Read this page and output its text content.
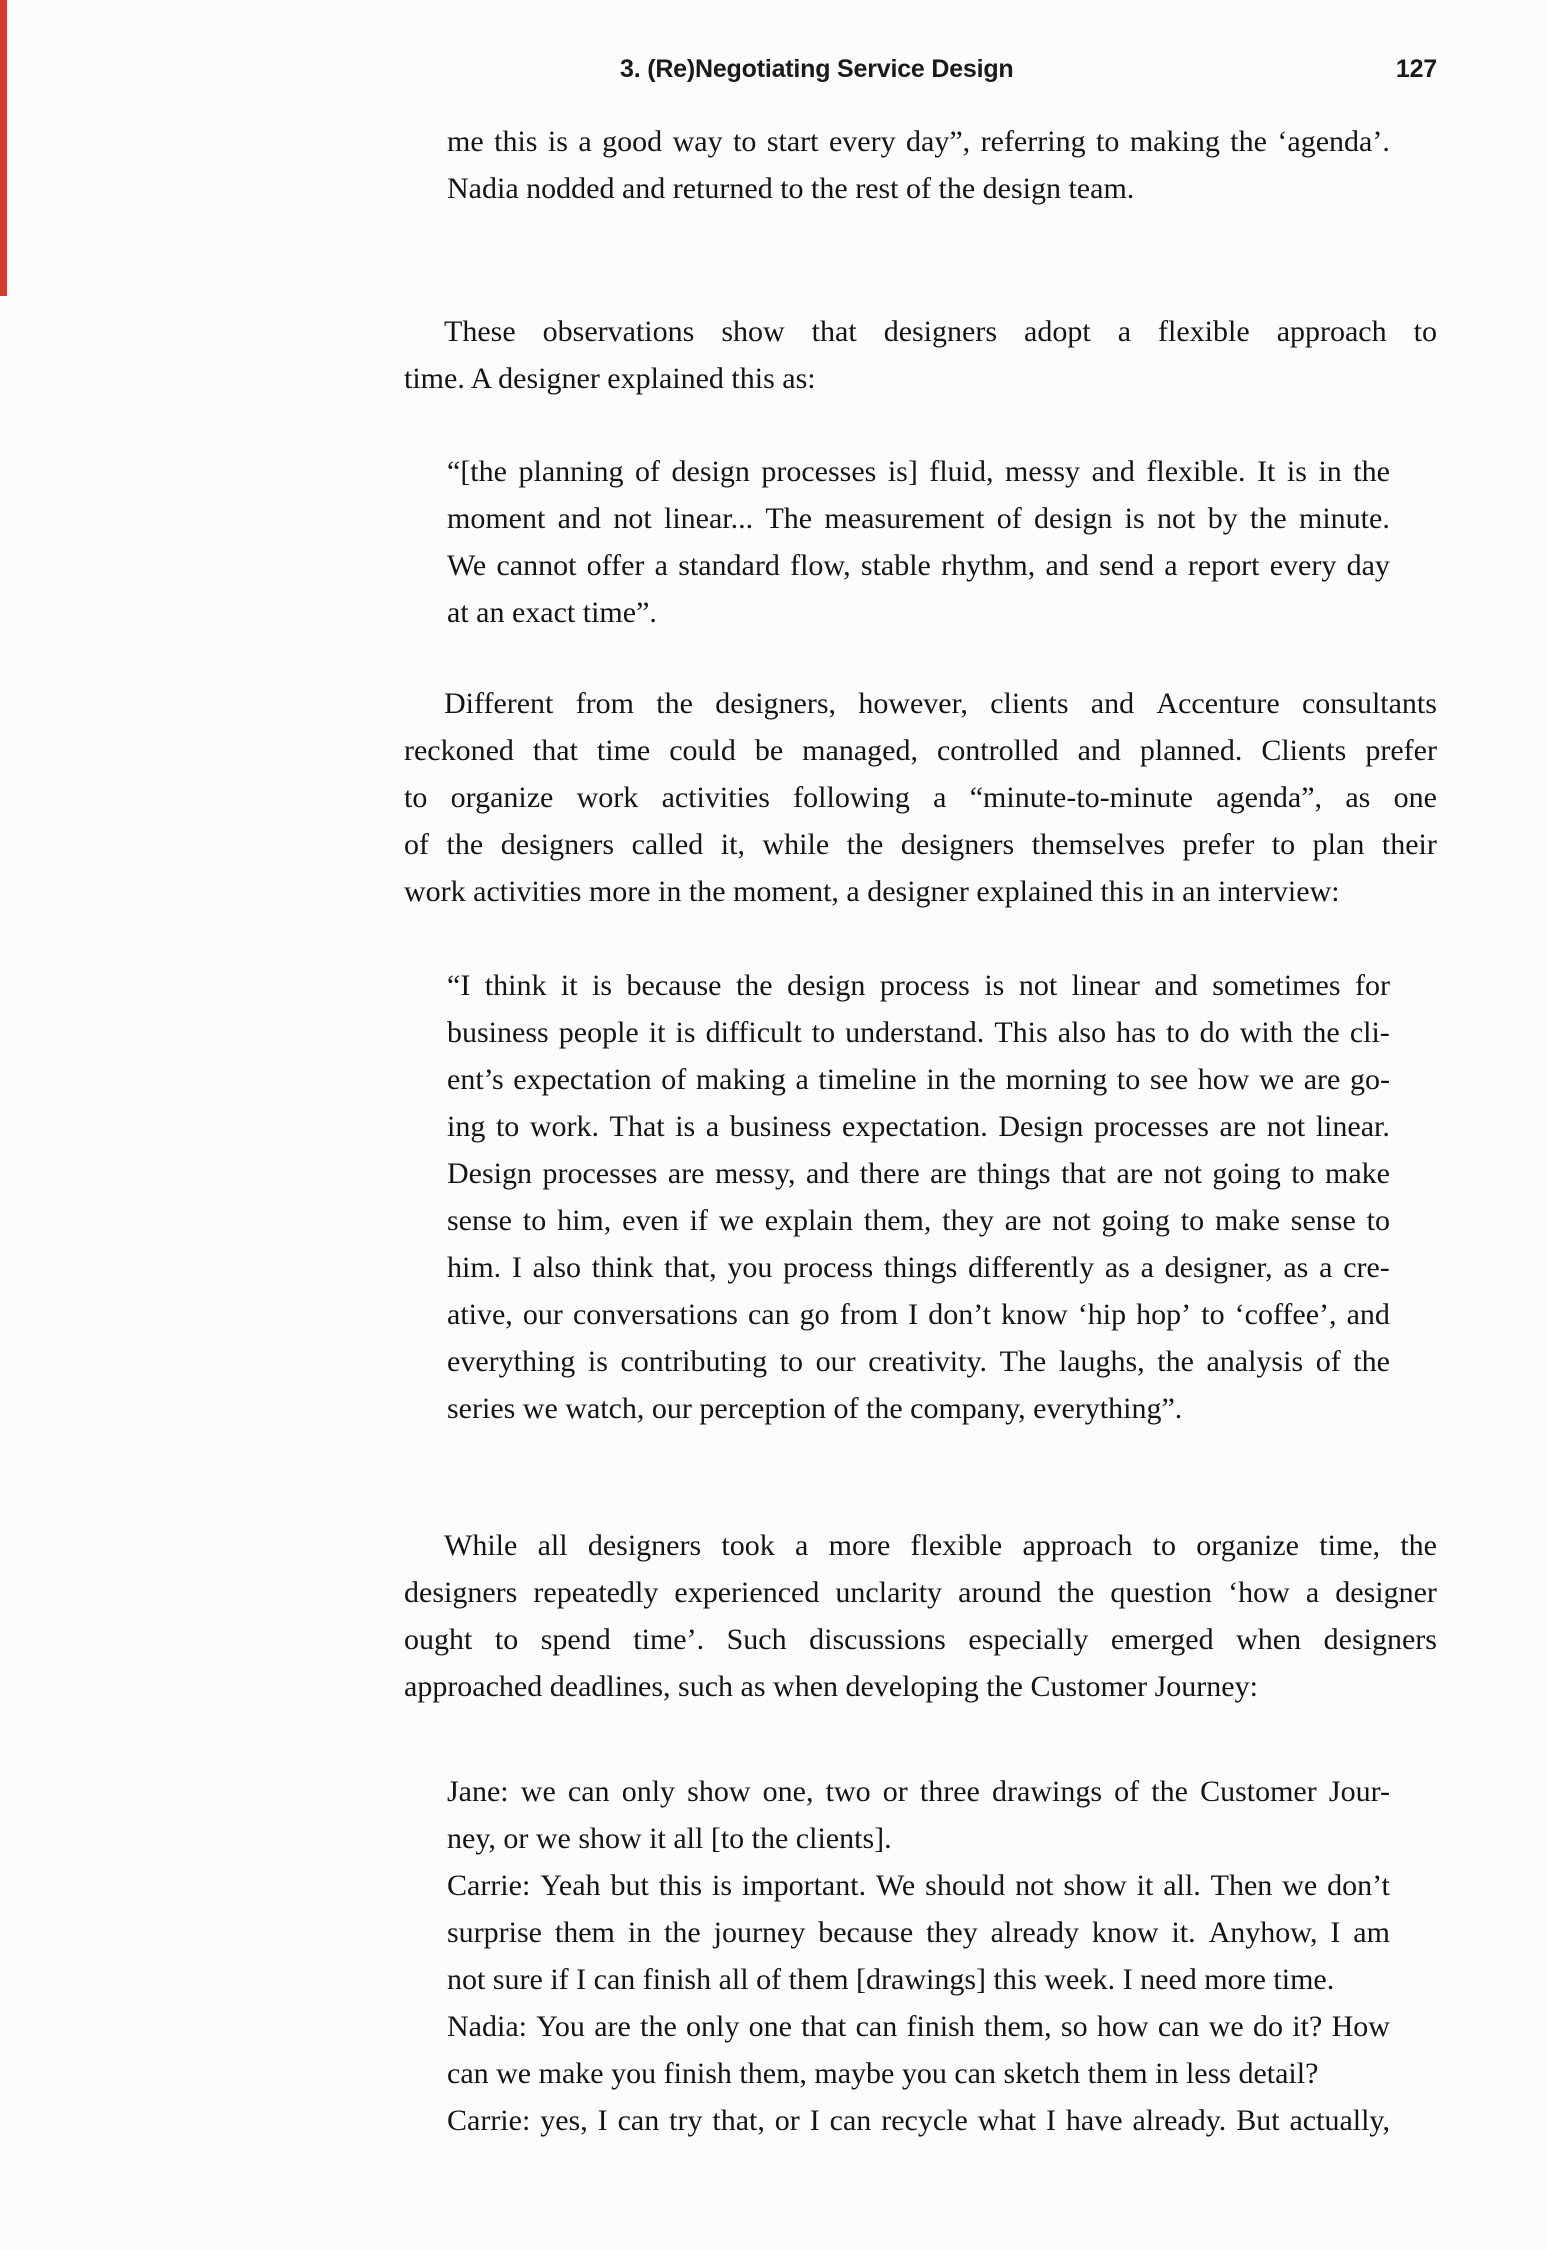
3. (Re)Negotiating Service Design	127
me this is a good way to start every day”, referring to making the ‘agenda’.
Nadia nodded and returned to the rest of the design team.
These observations show that designers adopt a flexible approach to
time. A designer explained this as:
“[the planning of design processes is] fluid, messy and flexible. It is in the
moment and not linear... The measurement of design is not by the minute.
We cannot offer a standard flow, stable rhythm, and send a report every day
at an exact time”.
Different from the designers, however, clients and Accenture consultants
reckoned that time could be managed, controlled and planned. Clients prefer
to organize work activities following a “minute-to-minute agenda”, as one
of the designers called it, while the designers themselves prefer to plan their
work activities more in the moment, a designer explained this in an interview:
“I think it is because the design process is not linear and sometimes for
business people it is difficult to understand. This also has to do with the cli-
ent’s expectation of making a timeline in the morning to see how we are go-
ing to work. That is a business expectation. Design processes are not linear.
Design processes are messy, and there are things that are not going to make
sense to him, even if we explain them, they are not going to make sense to
him. I also think that, you process things differently as a designer, as a cre-
ative, our conversations can go from I don’t know ‘hip hop’ to ‘coffee’, and
everything is contributing to our creativity. The laughs, the analysis of the
series we watch, our perception of the company, everything”.
While all designers took a more flexible approach to organize time, the
designers repeatedly experienced unclarity around the question ‘how a designer
ought to spend time’. Such discussions especially emerged when designers
approached deadlines, such as when developing the Customer Journey:
Jane: we can only show one, two or three drawings of the Customer Jour-
ney, or we show it all [to the clients].
Carrie: Yeah but this is important. We should not show it all. Then we don’t
surprise them in the journey because they already know it. Anyhow, I am
not sure if I can finish all of them [drawings] this week. I need more time.
Nadia: You are the only one that can finish them, so how can we do it? How
can we make you finish them, maybe you can sketch them in less detail?
Carrie: yes, I can try that, or I can recycle what I have already. But actually,
